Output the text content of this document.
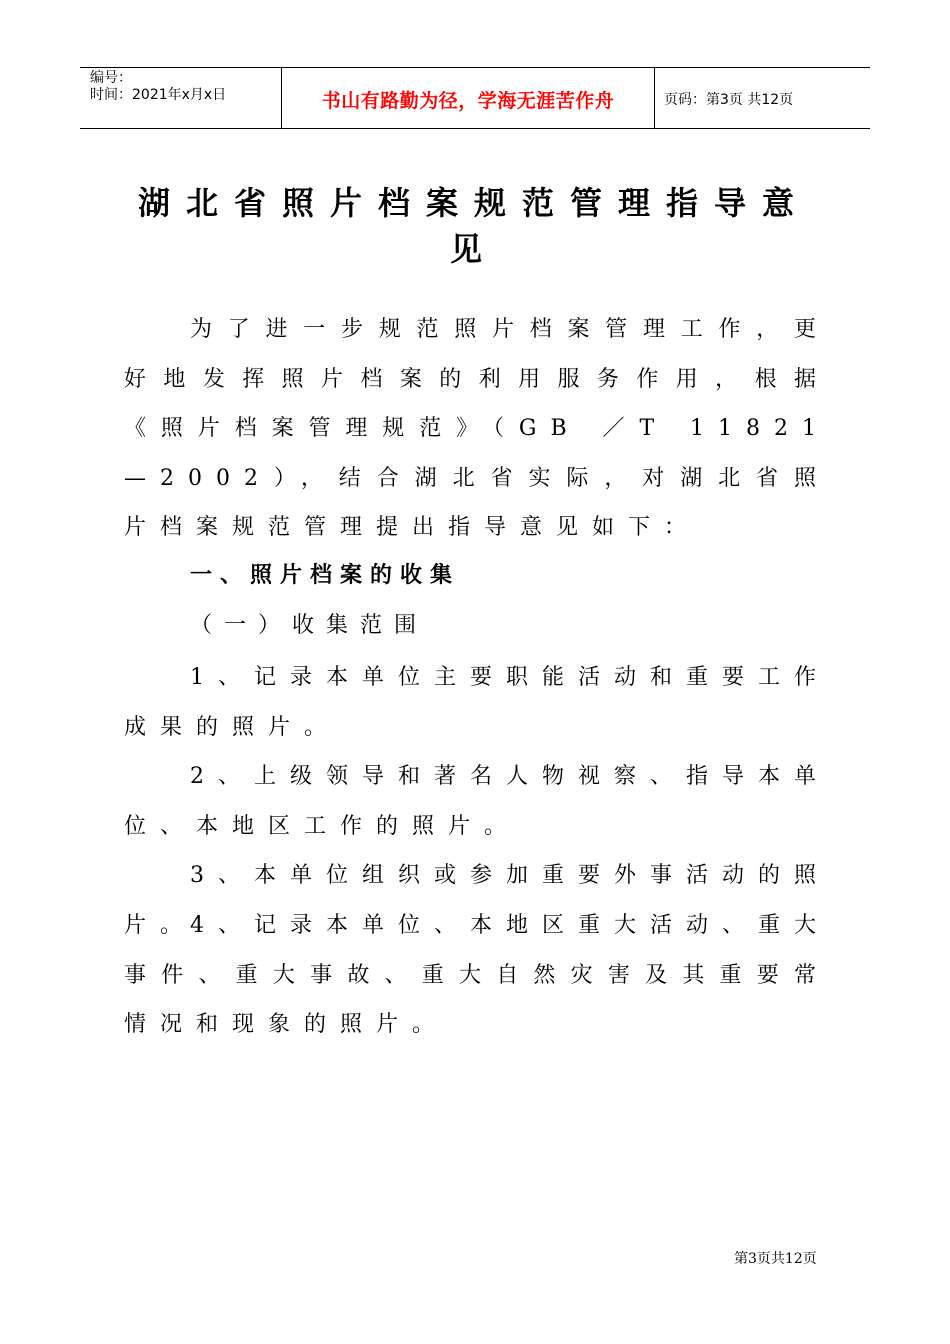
编号：
时间：2021年x月x日	书山有路勤为径，学海无涯苦作舟	页码：第3页 共12页
湖北省照片档案规范管理指导意见
为了进一步规范照片档案管理工作，更好地发挥照片档案的利用服务作用，根据《照片档案管理规范》（GB ／T 11821—2002），结合湖北省实际，对湖北省照片档案规范管理提出指导意见如下：
一、照片档案的收集
（一）收集范围
1、记录本单位主要职能活动和重要工作成果的照片。
2、上级领导和著名人物视察、指导本单位、本地区工作的照片。
3、本单位组织或参加重要外事活动的照片。
4、记录本单位、本地区重大活动、重大事件、重大事故、重大自然灾害及其重要常情况和现象的照片。
第3页共12页
